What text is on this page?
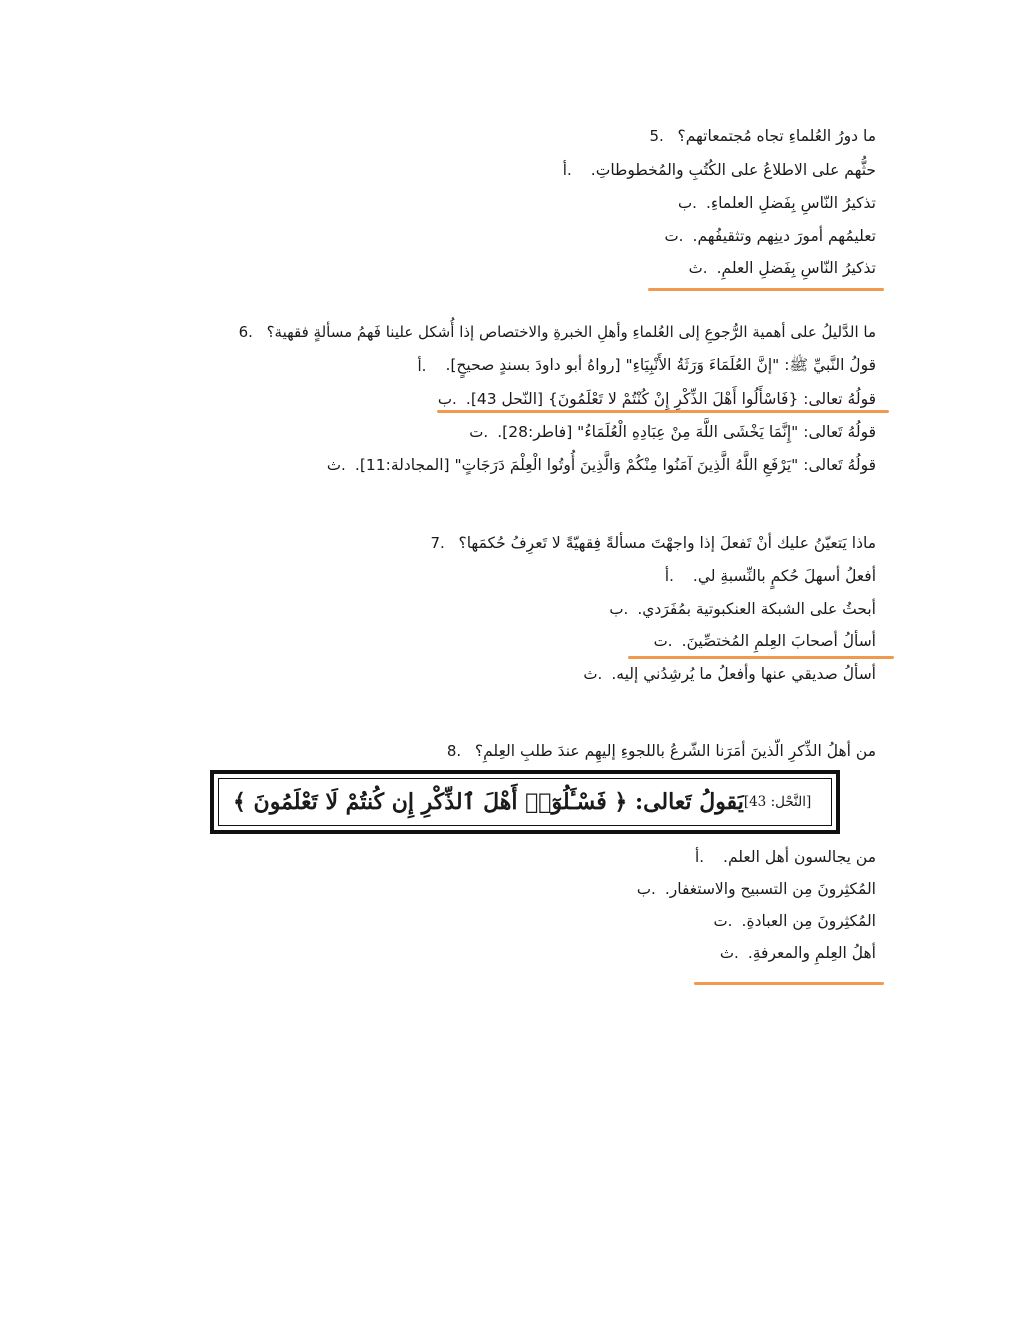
5. ما دورُ العُلماءِ تجاه مُجتمعاتهم؟
أ.	حثُّهم على الاطلاعُ على الكُتُبِ والمُخطوطاتِ.
ب. تذكيرُ النّاسِ بِفَضلِ العلماءِ.
ت. تعليمُهم أمورَ دينِهم وتثقيفُهم.
ث. تذكيرُ النّاسِ بِفَضلِ العلمِ.
6. ما الدَّليلُ على أهمية الرُّجوعِ إلى العُلماءِ وأهلِ الخبرةِ والاختصاص إذا أُشكل علينا فَهمُ مسألةٍ فقهية؟
أ.	قولُ النَّبيِّ ﷺ: "إنَّ العُلَمَاءَ وَرَثَةُ الأَنْبِيَاءِ" [رواهُ أبو داودَ بسندٍ صحيحٍ].
ب. قولُهُ تعالى: {فَاسْأَلُوا أَهْلَ الذِّكْرِ إِنْ كُنْتُمْ لا تَعْلَمُونَ} [النّحل 43].
ت. قولُهُ تَعالى: "إِنَّمَا يَخْشَى اللَّهَ مِنْ عِبَادِهِ الْعُلَمَاءُ" [فاطر:28].
ث. قولُهُ تَعالى: "يَرْفَعِ اللَّهُ الَّذِينَ آمَنُوا مِنْكُمْ وَالَّذِينَ أُوتُوا الْعِلْمَ دَرَجَاتٍ" [المجادلة:11].
7. ماذا يَتعيّنُ عليك أنْ تَفعلَ إذا واجهْتَ مسألةً فِقهيّةً لا تَعرِفُ حُكمَها؟
أ.	أفعلُ أسهلَ حُكمٍ بالنِّسبةِ لي.
ب. أبحثُ على الشبكة العنكبوتية بمُفَرَدي.
ت. أسألُ أصحابَ العِلمِ المُختصِّينَ.
ث. أسألُ صديقي عنها وأفعلُ ما يُرشِدُني إليه.
8. من أهلُ الذِّكرِ الّذينَ أمَرَنا الشّرعُ باللجوءِ إليهِم عندَ طلبِ العِلمِ؟
يَقولُ تَعالى: ﴿ فَسْـَٔلُوٓا۟ أَهْلَ ٱلذِّكْرِ إِن كُنتُمْ لَا تَعْلَمُونَ ﴾ [النَّحْل: 43]
أ.	من يجالسون أهل العلم.
ب. المُكثِرونَ مِن التسبيح والاستغفار.
ت. المُكثِرونَ مِن العبادةِ.
ث. أهلُ العِلمِ والمعرفةِ.
